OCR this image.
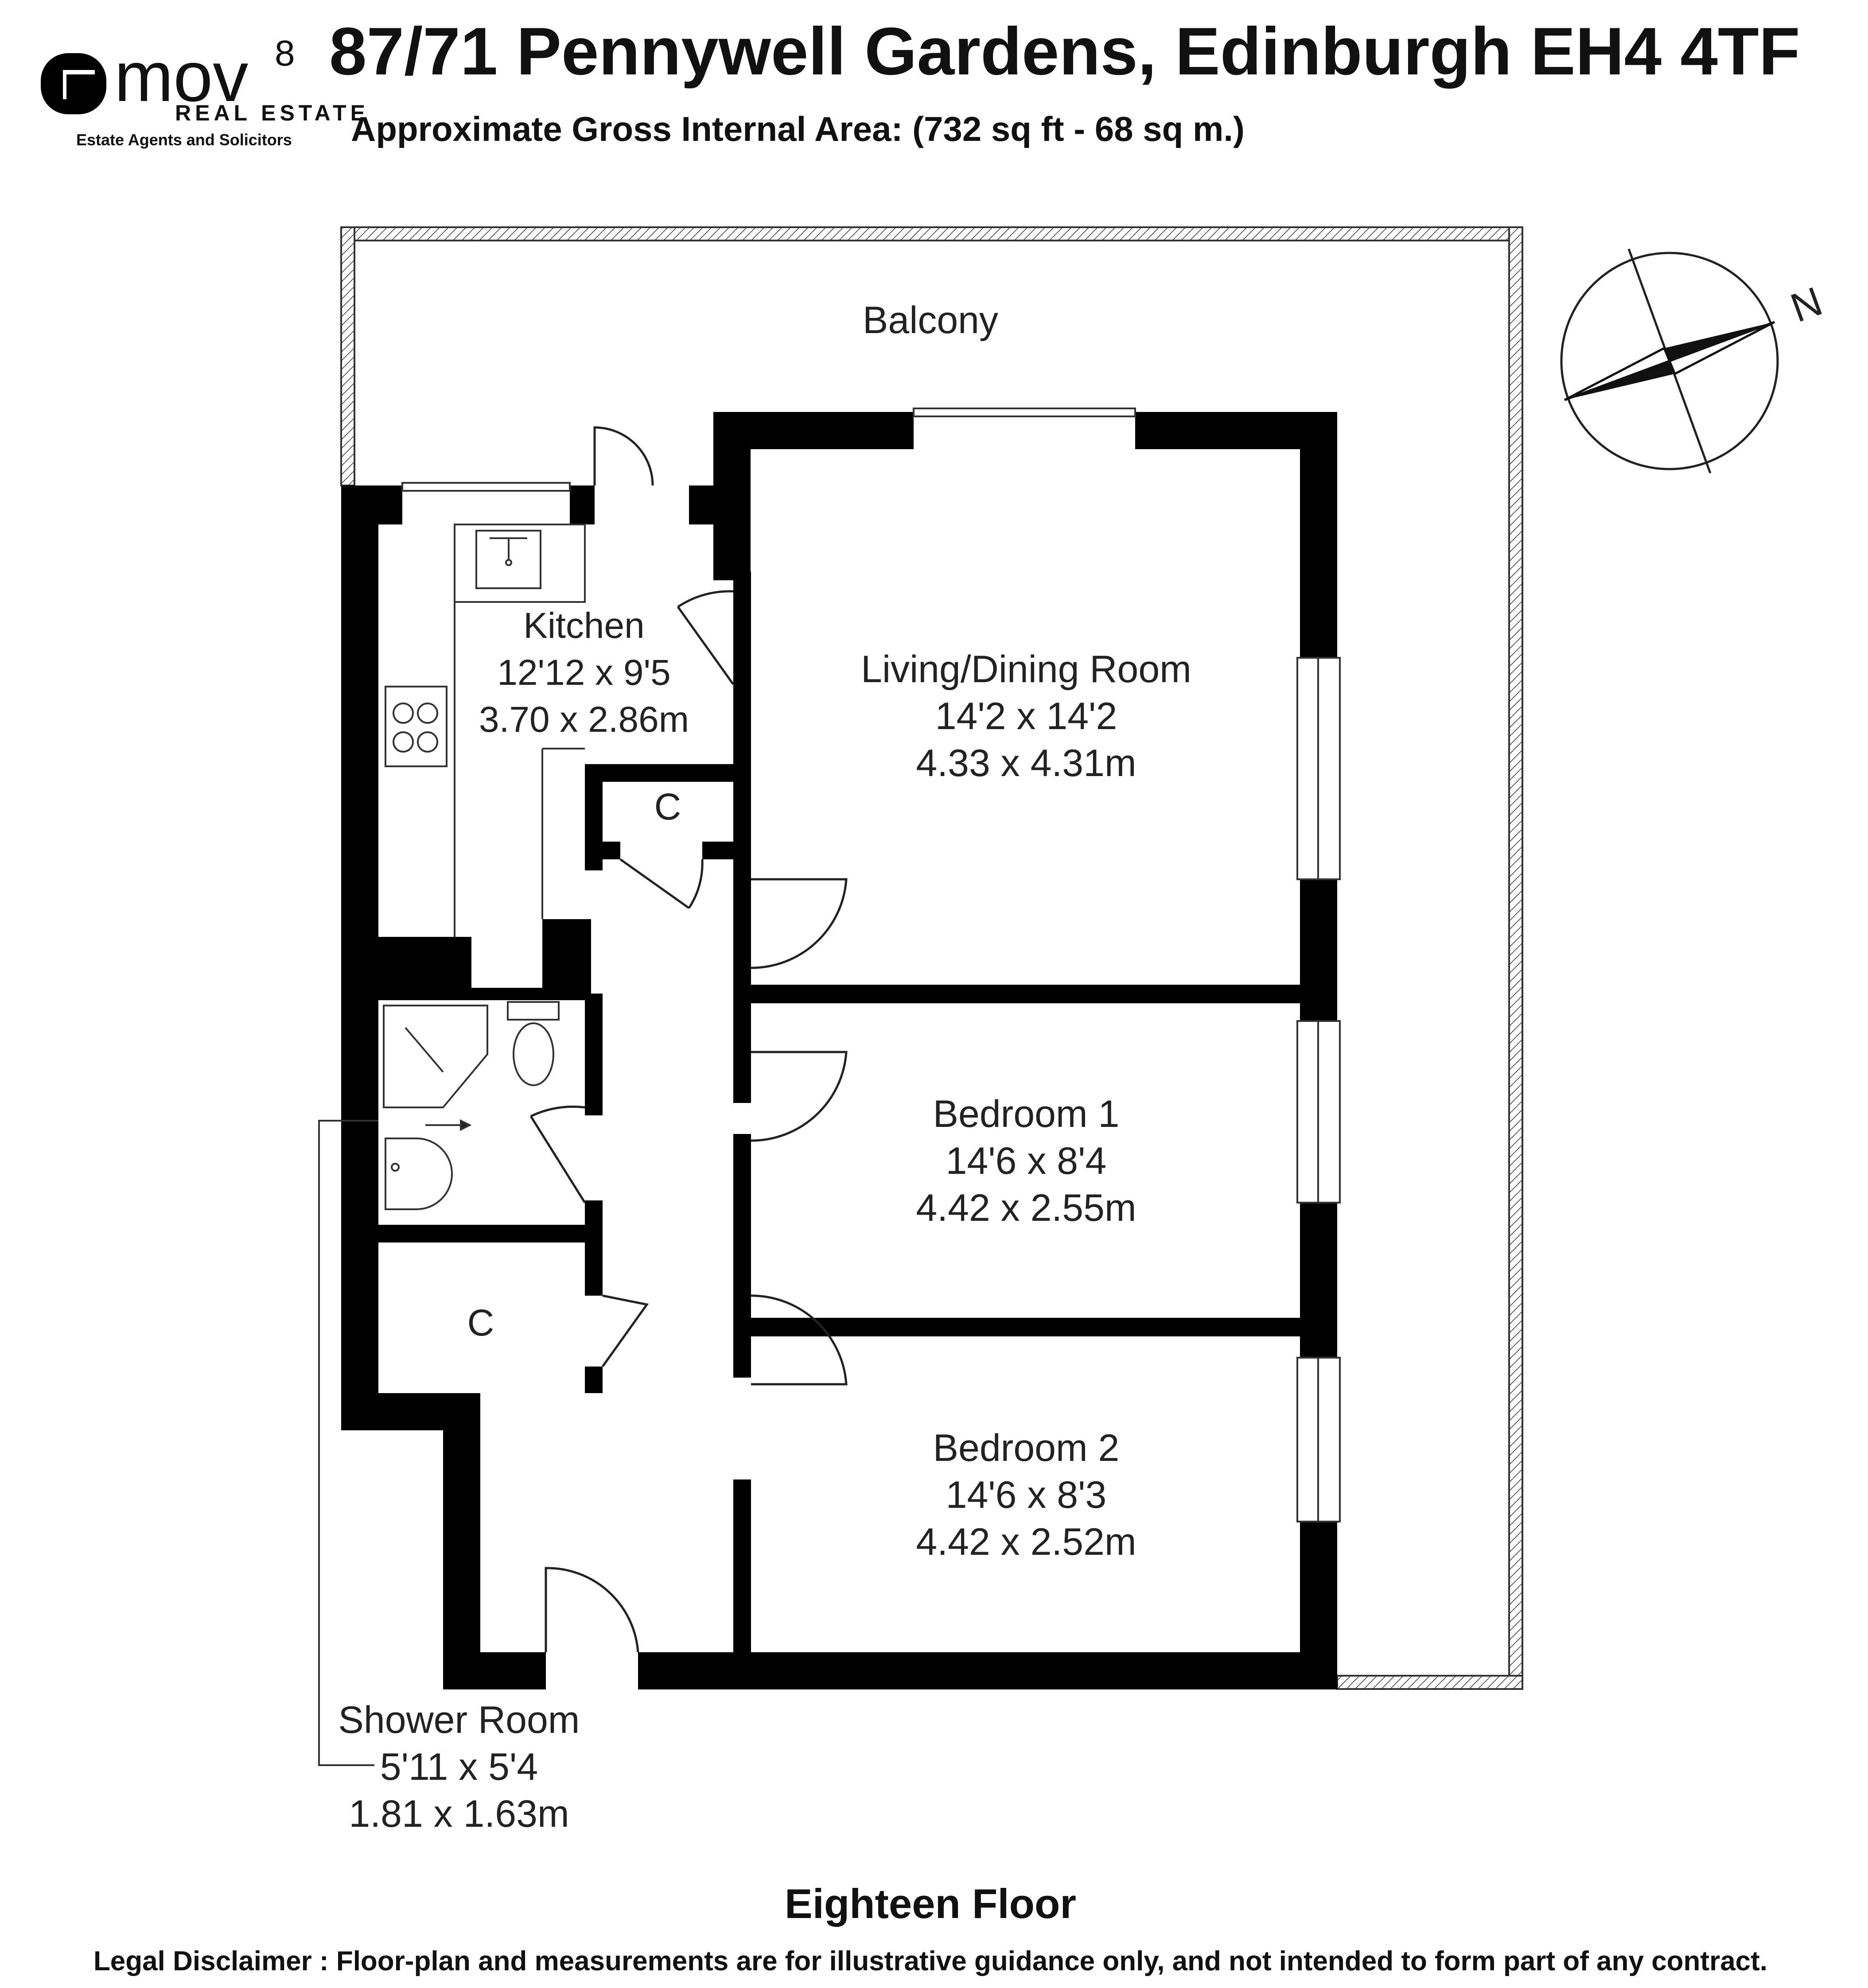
mov 8
REAL ESTATE
Estate Agents and Solicitors
87/71 Pennywell Gardens, Edinburgh EH4 4TF
Approximate Gross Internal Area: (732 sq ft - 68 sq m.)
N
Balcony
Kitchen
12'12 x 9'5
3.70 x 2.86m
Living/Dining Room
14'2 x 14'2
4.33 x 4.31m
C
C
Bedroom 1
14'6 x 8'4
4.42 x 2.55m
Bedroom 2
14'6 x 8'3
4.42 x 2.52m
Shower Room
5'11 x 5'4
1.81 x 1.63m
Eighteen Floor
Legal Disclaimer : Floor-plan and measurements are for illustrative guidance only, and not intended to form part of any contract.
